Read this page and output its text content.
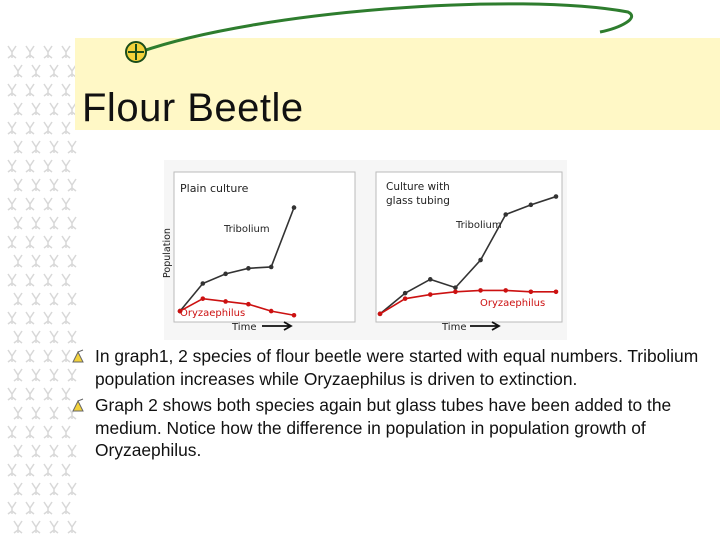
Flour Beetle
Plain culture
Population	Tribolium
Oryzaephilus
Time
Culture with
glass tubing
Tribolium
Oryzaephilus
Time
In graph1, 2 species of flour beetle were started with equal numbers. Tribolium population increases while Oryzaephilus is driven to extinction.
Graph 2 shows both species again but glass tubes have been added to the medium. Notice how the difference in population in population growth of Oryzaephilus.
